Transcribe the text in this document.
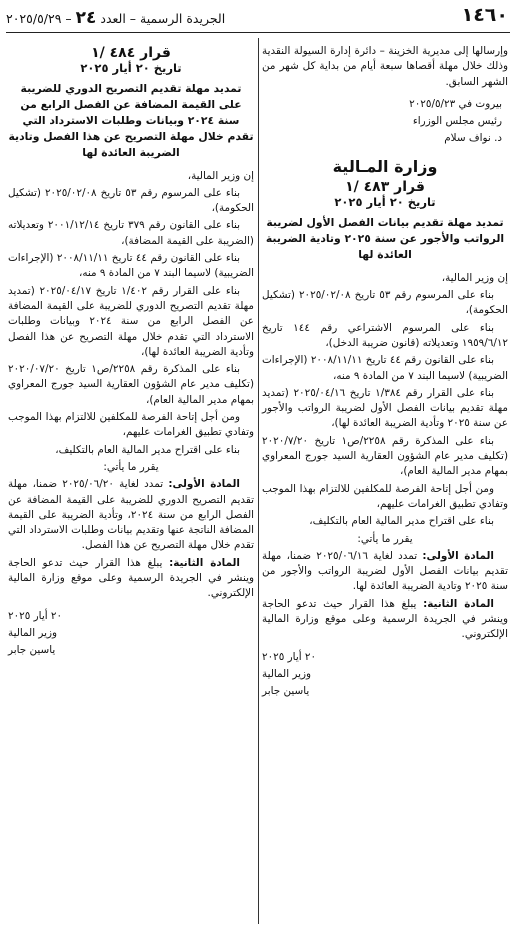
١٤٦٠
الجريدة الرسمية – العدد ٢٤ – ٢٠٢٥/٥/٢٩

وإرسالها إلى مديرية الخزينة – دائرة إدارة السيولة النقدية وذلك خلال مهلة أقصاها سبعة أيام من بداية كل شهر من الشهر السابق.

بيروت في ٢٠٢٥/٥/٢٣

رئيس مجلس الوزراء

د. نواف سلام

وزارة المـالية
قرار ٤٨٣ /١
تاريخ ٢٠ أيار ٢٠٢٥
تمديد مهلة تقديم بيانات الفصل الأول لضريبة الرواتب والأجور عن سنة ٢٠٢٥ وتادية الضريبة العائدة لها

إن وزير المالية،

بناء على المرسوم رقم ٥٣ تاريخ ٢٠٢٥/٠٢/٠٨ (تشكيل الحكومة)،

بناء على المرسوم الاشتراعي رقم ١٤٤ تاريخ ١٩٥٩/٦/١٢ وتعديلاته (قانون ضريبة الدخل)،

بناء على القانون رقم ٤٤ تاريخ ٢٠٠٨/١١/١١ (الإجراءات الضريبية) لاسيما البند ٧ من المادة ٩ منه،

بناء على القرار رقم ١/٣٨٤ تاريخ ٢٠٢٥/٠٤/١٦ (تمديد مهلة تقديم بيانات الفصل الأول لضريبة الرواتب والأجور عن سنة ٢٠٢٥ وتأدية الضريبة العائدة لها)،

بناء على المذكرة رقم ٢٢٥٨/ص١ تاريخ ٢٠٢٠/٧/٢٠ (تكليف مدير عام الشؤون العقارية السيد جورج المعراوي بمهام مدير المالية العام)،

ومن أجل إتاحة الفرصة للمكلفين للالتزام بهذا الموجب وتفادي تطبيق الغرامات عليهم،

بناء على اقتراح مدير المالية العام بالتكليف،

يقرر ما يأتي:

المادة الأولى: تمدد لغاية ٢٠٢٥/٠٦/١٦ ضمنا، مهلة تقديم بيانات الفصل الأول لضريبة الرواتب والأجور من سنة ٢٠٢٥ وتادية الضريبة العائدة لها.

المادة الثانية: يبلغ هذا القرار حيث تدعو الحاجة وينشر في الجريدة الرسمية وعلى موقع وزارة المالية الإلكتروني.

٢٠ أيار ٢٠٢٥

وزير المالية

ياسين جابر

قرار ٤٨٤ /١
تاريخ ٢٠ أيار ٢٠٢٥
تمديد مهلة تقديم التصريح الدوري للضريبة على القيمة المضافة عن الفصل الرابع من سنة ٢٠٢٤ وبيانات وطلبات الاسترداد التي تقدم خلال مهلة التصريح عن هذا الفصل وتادية الضريبة العائدة لها

إن وزير المالية،

بناء على المرسوم رقم ٥٣ تاريخ ٢٠٢٥/٠٢/٠٨ (تشكيل الحكومة)،

بناء على القانون رقم ٣٧٩ تاريخ ٢٠٠١/١٢/١٤ وتعديلاته (الضريبة على القيمة المضافة)،

بناء على القانون رقم ٤٤ تاريخ ٢٠٠٨/١١/١١ (الإجراءات الضريبية) لاسيما البند ٧ من المادة ٩ منه،

بناء على القرار رقم ١/٤٠٢ تاريخ ٢٠٢٥/٠٤/١٧ (تمديد مهلة تقديم التصريح الدوري للضريبة على القيمة المضافة عن الفصل الرابع من سنة ٢٠٢٤ وبيانات وطلبات الاسترداد التي تقدم خلال مهلة التصريح عن هذا الفصل وتأدية الضريبة العائدة لها)،

بناء على المذكرة رقم ٢٢٥٨/ص١ تاريخ ٢٠٢٠/٠٧/٢٠ (تكليف مدير عام الشؤون العقارية السيد جورج المعراوي بمهام مدير المالية العام)،

ومن أجل إتاحة الفرصة للمكلفين للالتزام بهذا الموجب وتفادي تطبيق الغرامات عليهم،

بناء على اقتراح مدير المالية العام بالتكليف،

يقرر ما يأتي:

المادة الأولى: تمدد لغاية ٢٠٢٥/٠٦/٢٠ ضمنا، مهلة تقديم التصريح الدوري للضريبة على القيمة المضافة عن الفصل الرابع من سنة ٢٠٢٤، وتأدية الضريبة على القيمة المضافة الناتجة عنها وتقديم بيانات وطلبات الاسترداد التي تقدم خلال مهلة التصريح عن هذا الفصل.

المادة الثانية: يبلغ هذا القرار حيث تدعو الحاجة وينشر في الجريدة الرسمية وعلى موقع وزارة المالية الإلكتروني.

٢٠ أيار ٢٠٢٥

وزير المالية

ياسين جابر
